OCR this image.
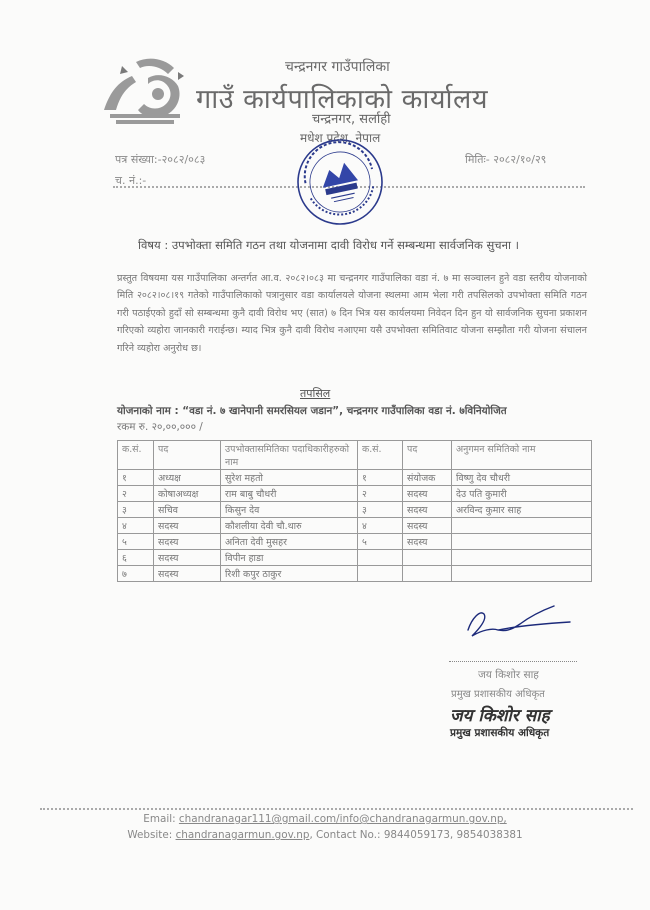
चन्द्रनगर गाउँपालिका
गाउँ कार्यपालिकाको कार्यालय
चन्द्रनगर, सर्लाही
मधेश प्रदेश, नेपाल
पत्र संख्या:-२०८२/०८३	मितिः- २०८२/१०/२९
च. नं.:-
विषय : उपभोक्ता समिति गठन तथा योजनामा दावी विरोध गर्ने सम्बन्धमा सार्वजनिक सुचना ।
प्रस्तुत विषयमा यस गाउँपालिका अन्तर्गत आ.व. २०८२।०८३ मा चन्द्रनगर गाउँपालिका वडा नं. ७ मा सञ्चालन हुने वडा स्तरीय योजनाको मिति २०८२।०८।१९ गतेको गाउँपालिकाको पत्रानुसार वडा कार्यालयले योजना स्थलमा आम भेला गरी तपसिलको उपभोक्ता समिति गठन गरी पठाईएको हुदाँ सो सम्बन्धमा कुनै दावी विरोध भए (सात) ७ दिन भित्र यस कार्यलयमा निवेदन दिन हुन यो सार्वजनिक सुचना प्रकाशन गरिएको व्यहोरा जानकारी गराईन्छ। म्याद भित्र कुनै दावी विरोध नआएमा यसै उपभोक्ता समितिवाट योजना सम्झौता गरी योजना संचालन गरिने व्यहोरा अनुरोध छ।
तपसिल
योजनाको नाम : “वडा नं. ७ खानेपानी समरसियल जडान”, चन्द्रनगर गाउँपालिका वडा नं. ७विनियोजित
रकम रु. २०,००,००० /
क.सं.	पद	उपभोक्तासमितिका पदाधिकारीहरुको नाम	क.सं.	पद	अनुगमन समितिको नाम
१	अध्यक्ष	सुरेश महतो	१	संयोजक	विष्णु देव चौधरी
२	कोषाअध्यक्ष	राम बाबु चौधरी	२	सदस्य	देउ पति कुमारी
३	सचिव	किसुन देव	३	सदस्य	अरविन्द कुमार साह
४	सदस्य	कौशलीया देवी चौ.थारु	४	सदस्य	
५	सदस्य	अनिता देवी मुसहर	५	सदस्य	
६	सदस्य	विपीन हाडा			
७	सदस्य	रिशी कपुर ठाकुर			
जय किशोर साह
प्रमुख प्रशासकीय अधिकृत
जय किशोर साह
प्रमुख प्रशासकीय अधिकृत
Email: chandranagar111@gmail.com/info@chandranagarmun.gov.np,
Website: chandranagarmun.gov.np, Contact No.: 9844059173, 9854038381
